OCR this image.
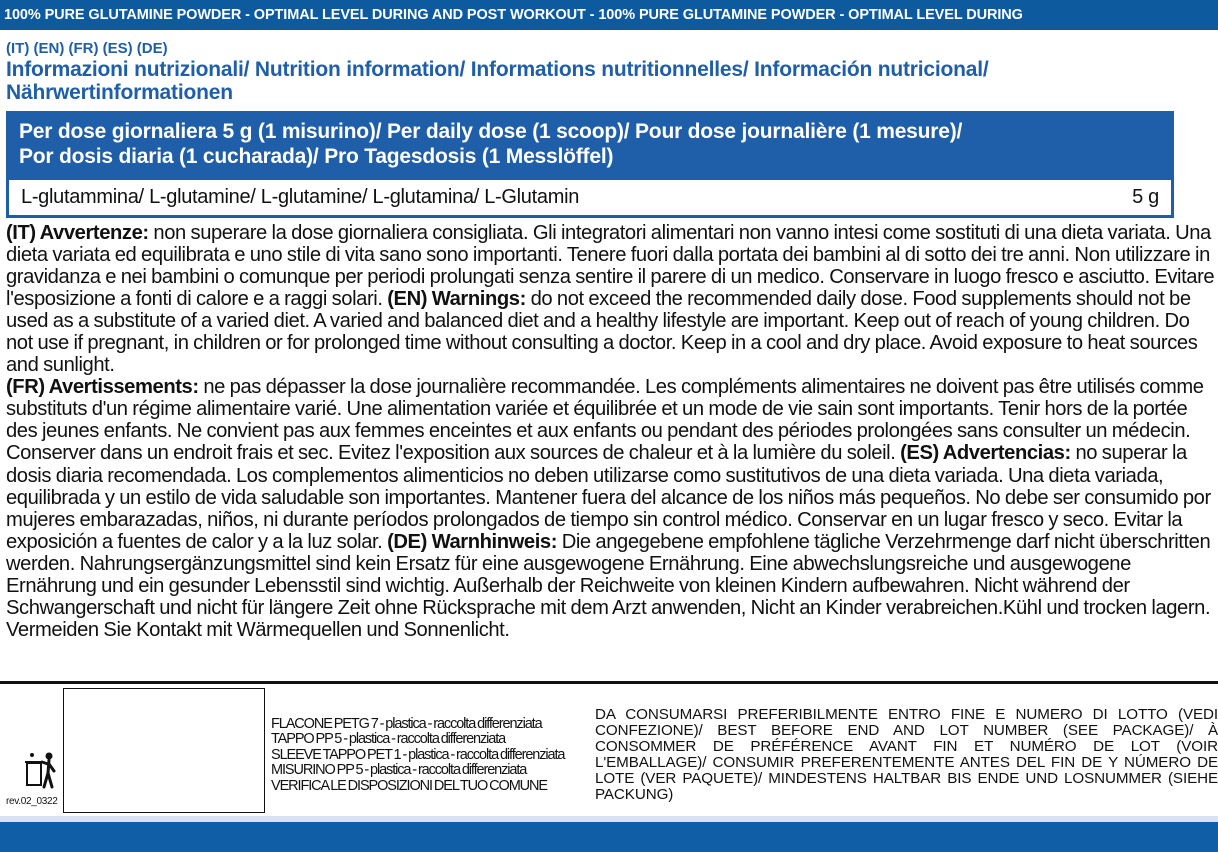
100% PURE GLUTAMINE POWDER - OPTIMAL LEVEL DURING AND POST WORKOUT - 100% PURE GLUTAMINE POWDER - OPTIMAL LEVEL DURING
(IT) (EN) (FR) (ES) (DE)
Informazioni nutrizionali/ Nutrition information/ Informations nutritionnelles/ Información nutricional/ Nährwertinformationen
Per dose giornaliera 5 g (1 misurino)/ Per daily dose (1 scoop)/ Pour dose journalière (1 mesure)/
Por dosis diaria (1 cucharada)/ Pro Tagesdosis (1 Messlöffel)
L-glutammina/ L-glutamine/ L-glutamine/ L-glutamina/ L-Glutamin	5 g
(IT) Avvertenze: non superare la dose giornaliera consigliata. Gli integratori alimentari non vanno intesi come sostituti di una dieta variata. Una dieta variata ed equilibrata e uno stile di vita sano sono importanti. Tenere fuori dalla portata dei bambini al di sotto dei tre anni. Non utilizzare in gravidanza e nei bambini o comunque per periodi prolungati senza sentire il parere di un medico. Conservare in luogo fresco e asciutto. Evitare l'esposizione a fonti di calore e a raggi solari. (EN) Warnings: do not exceed the recommended daily dose. Food supplements should not be used as a substitute of a varied diet. A varied and balanced diet and a healthy lifestyle are important. Keep out of reach of young children. Do not use if pregnant, in children or for prolonged time without consulting a doctor. Keep in a cool and dry place. Avoid exposure to heat sources and sunlight.
(FR) Avertissements: ne pas dépasser la dose journalière recommandée. Les compléments alimentaires ne doivent pas être utilisés comme substituts d'un régime alimentaire varié. Une alimentation variée et équilibrée et un mode de vie sain sont importants. Tenir hors de la portée des jeunes enfants. Ne convient pas aux femmes enceintes et aux enfants ou pendant des périodes prolongées sans consulter un médecin. Conserver dans un endroit frais et sec. Evitez l'exposition aux sources de chaleur et à la lumière du soleil. (ES) Advertencias: no superar la dosis diaria recomendada. Los complementos alimenticios no deben utilizarse como sustitutivos de una dieta variada. Una dieta variada, equilibrada y un estilo de vida saludable son importantes. Mantener fuera del alcance de los niños más pequeños. No debe ser consumido por mujeres embarazadas, niños, ni durante períodos prolongados de tiempo sin control médico. Conservar en un lugar fresco y seco. Evitar la exposición a fuentes de calor y a la luz solar. (DE) Warnhinweis: Die angegebene empfohlene tägliche Verzehrmenge darf nicht überschritten werden. Nahrungsergänzungsmittel sind kein Ersatz für eine ausgewogene Ernährung. Eine abwechslungsreiche und ausgewogene Ernährung und ein gesunder Lebensstil sind wichtig. Außerhalb der Reichweite von kleinen Kindern aufbewahren. Nicht während der Schwangerschaft und nicht für längere Zeit ohne Rücksprache mit dem Arzt anwenden, Nicht an Kinder verabreichen.Kühl und trocken lagern. Vermeiden Sie Kontakt mit Wärmequellen und Sonnenlicht.
rev.02_0322
FLACONE PETG 7 - plastica - raccolta differenziata
TAPPO PP 5 - plastica - raccolta differenziata
SLEEVE TAPPO PET 1 - plastica - raccolta differenziata
MISURINO PP 5 - plastica - raccolta differenziata
VERIFICA LE DISPOSIZIONI DEL TUO COMUNE
DA CONSUMARSI PREFERIBILMENTE ENTRO FINE E NUMERO DI LOTTO (VEDI CONFEZIONE)/ BEST BEFORE END AND LOT NUMBER (SEE PACKAGE)/ À CONSOMMER DE PRÉFÉRENCE AVANT FIN ET NUMÉRO DE LOT (VOIR L'EMBALLAGE)/ CONSUMIR PREFERENTEMENTE ANTES DEL FIN DE Y NÚMERO DE LOTE (VER PAQUETE)/ MINDESTENS HALTBAR BIS ENDE UND LOSNUMMER (SIEHE PACKUNG)
